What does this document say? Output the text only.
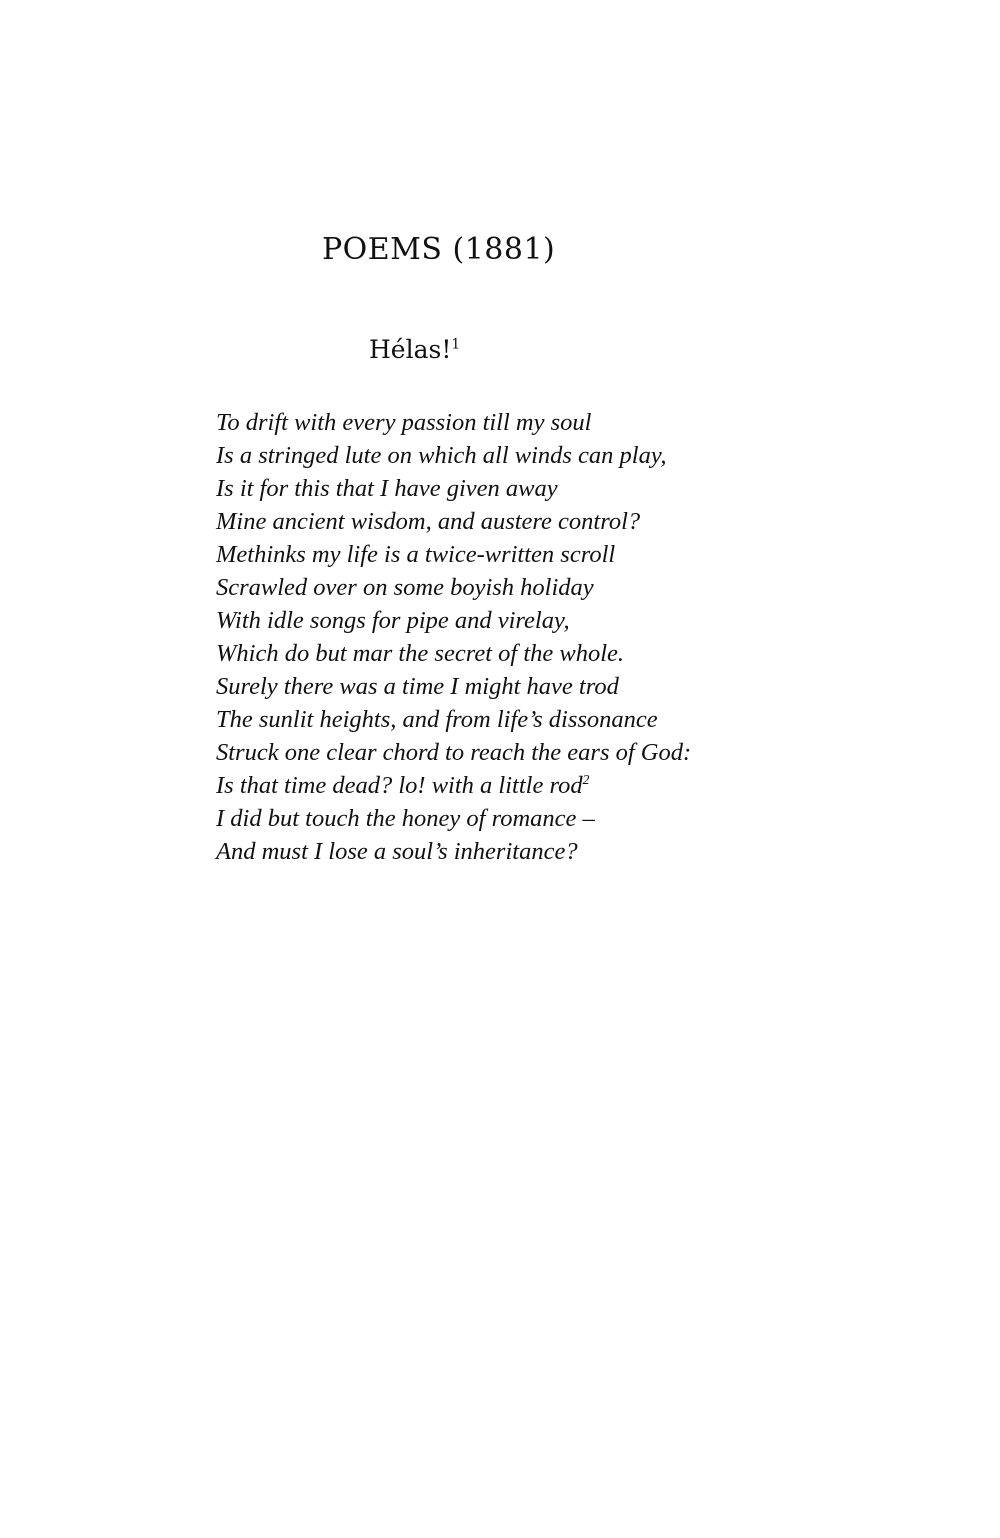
POEMS (1881)
Hélas!$^1$
To drift with every passion till my soul
Is a stringed lute on which all winds can play,
Is it for this that I have given away
Mine ancient wisdom, and austere control?
Methinks my life is a twice-written scroll
Scrawled over on some boyish holiday
With idle songs for pipe and virelay,
Which do but mar the secret of the whole.
Surely there was a time I might have trod
The sunlit heights, and from life’s dissonance
Struck one clear chord to reach the ears of God:
Is that time dead? lo! with a little rod$^2$
I did but touch the honey of romance –
And must I lose a soul’s inheritance?
